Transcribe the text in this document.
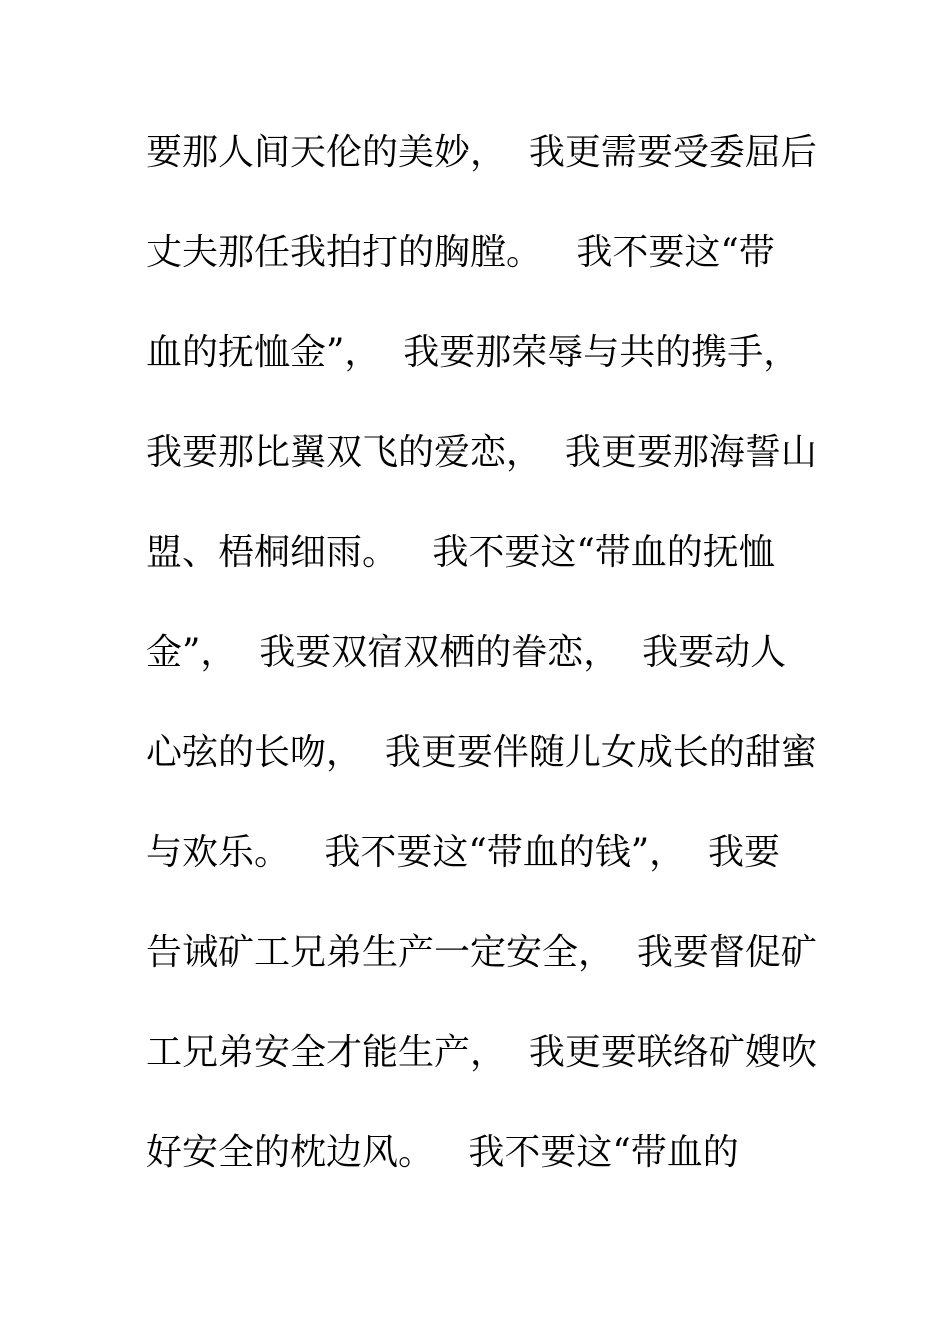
要那人间天伦的美妙，  我更需要受委屈后
丈夫那任我拍打的胸膛。   我不要这“带
血的抚恤金”，  我要那荣辱与共的携手，
我要那比翼双飞的爱恋，  我更要那海誓山
盟、梧桐细雨。   我不要这“带血的抚恤
金”，  我要双宿双栖的眷恋，  我要动人
心弦的长吻，  我更要伴随儿女成长的甜蜜
与欢乐。   我不要这“带血的钱”，  我要
告诫矿工兄弟生产一定安全，  我要督促矿
工兄弟安全才能生产，  我更要联络矿嫂吹
好安全的枕边风。   我不要这“带血的
